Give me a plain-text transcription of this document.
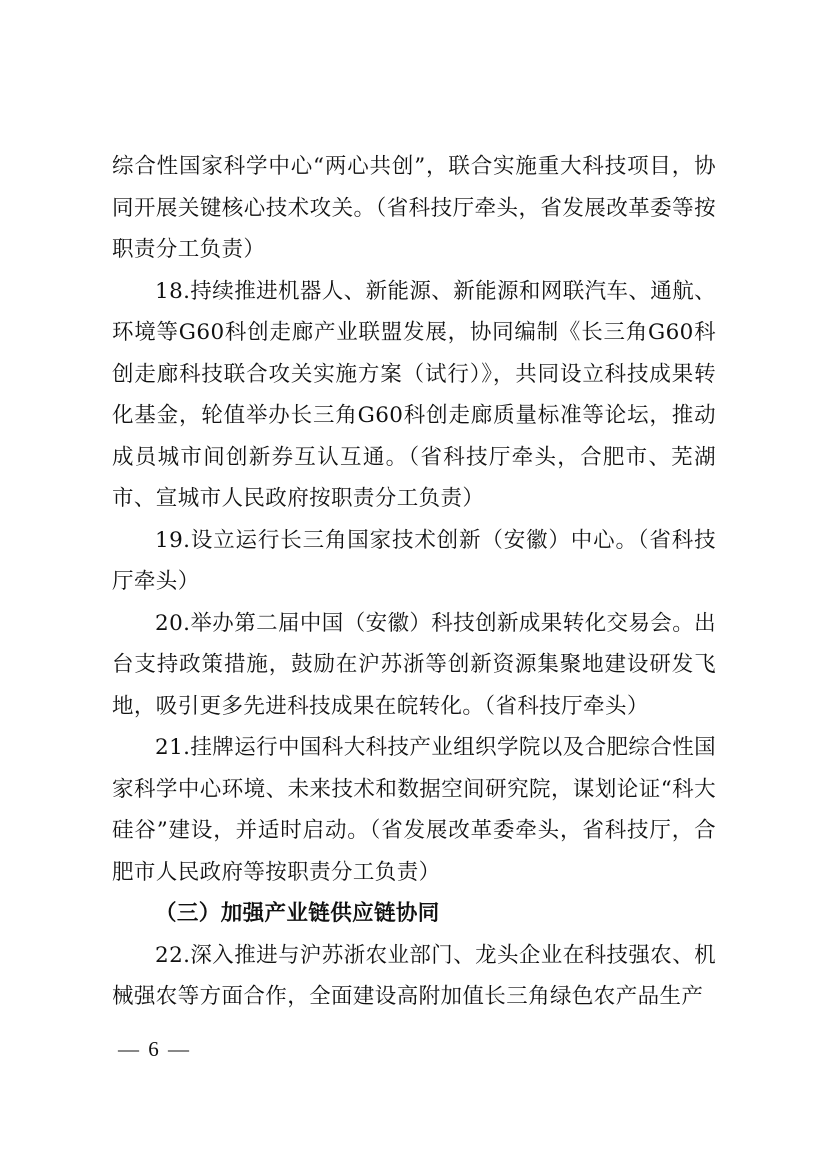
综合性国家科学中心“两心共创”，联合实施重大科技项目，协同开展关键核心技术攻关。（省科技厅牵头，省发展改革委等按职责分工负责）

18.持续推进机器人、新能源、新能源和网联汽车、通航、环境等G60科创走廊产业联盟发展，协同编制《长三角G60科创走廊科技联合攻关实施方案（试行）》，共同设立科技成果转化基金，轮值举办长三角G60科创走廊质量标准等论坛，推动成员城市间创新券互认互通。（省科技厅牵头，合肥市、芜湖市、宣城市人民政府按职责分工负责）

19.设立运行长三角国家技术创新（安徽）中心。（省科技厅牵头）

20.举办第二届中国（安徽）科技创新成果转化交易会。出台支持政策措施，鼓励在沪苏浙等创新资源集聚地建设研发飞地，吸引更多先进科技成果在皖转化。（省科技厅牵头）

21.挂牌运行中国科大科技产业组织学院以及合肥综合性国家科学中心环境、未来技术和数据空间研究院，谋划论证“科大硅谷”建设，并适时启动。（省发展改革委牵头，省科技厅，合肥市人民政府等按职责分工负责）

（三）加强产业链供应链协同

22.深入推进与沪苏浙农业部门、龙头企业在科技强农、机械强农等方面合作，全面建设高附加值长三角绿色农产品生产

— 6 —
